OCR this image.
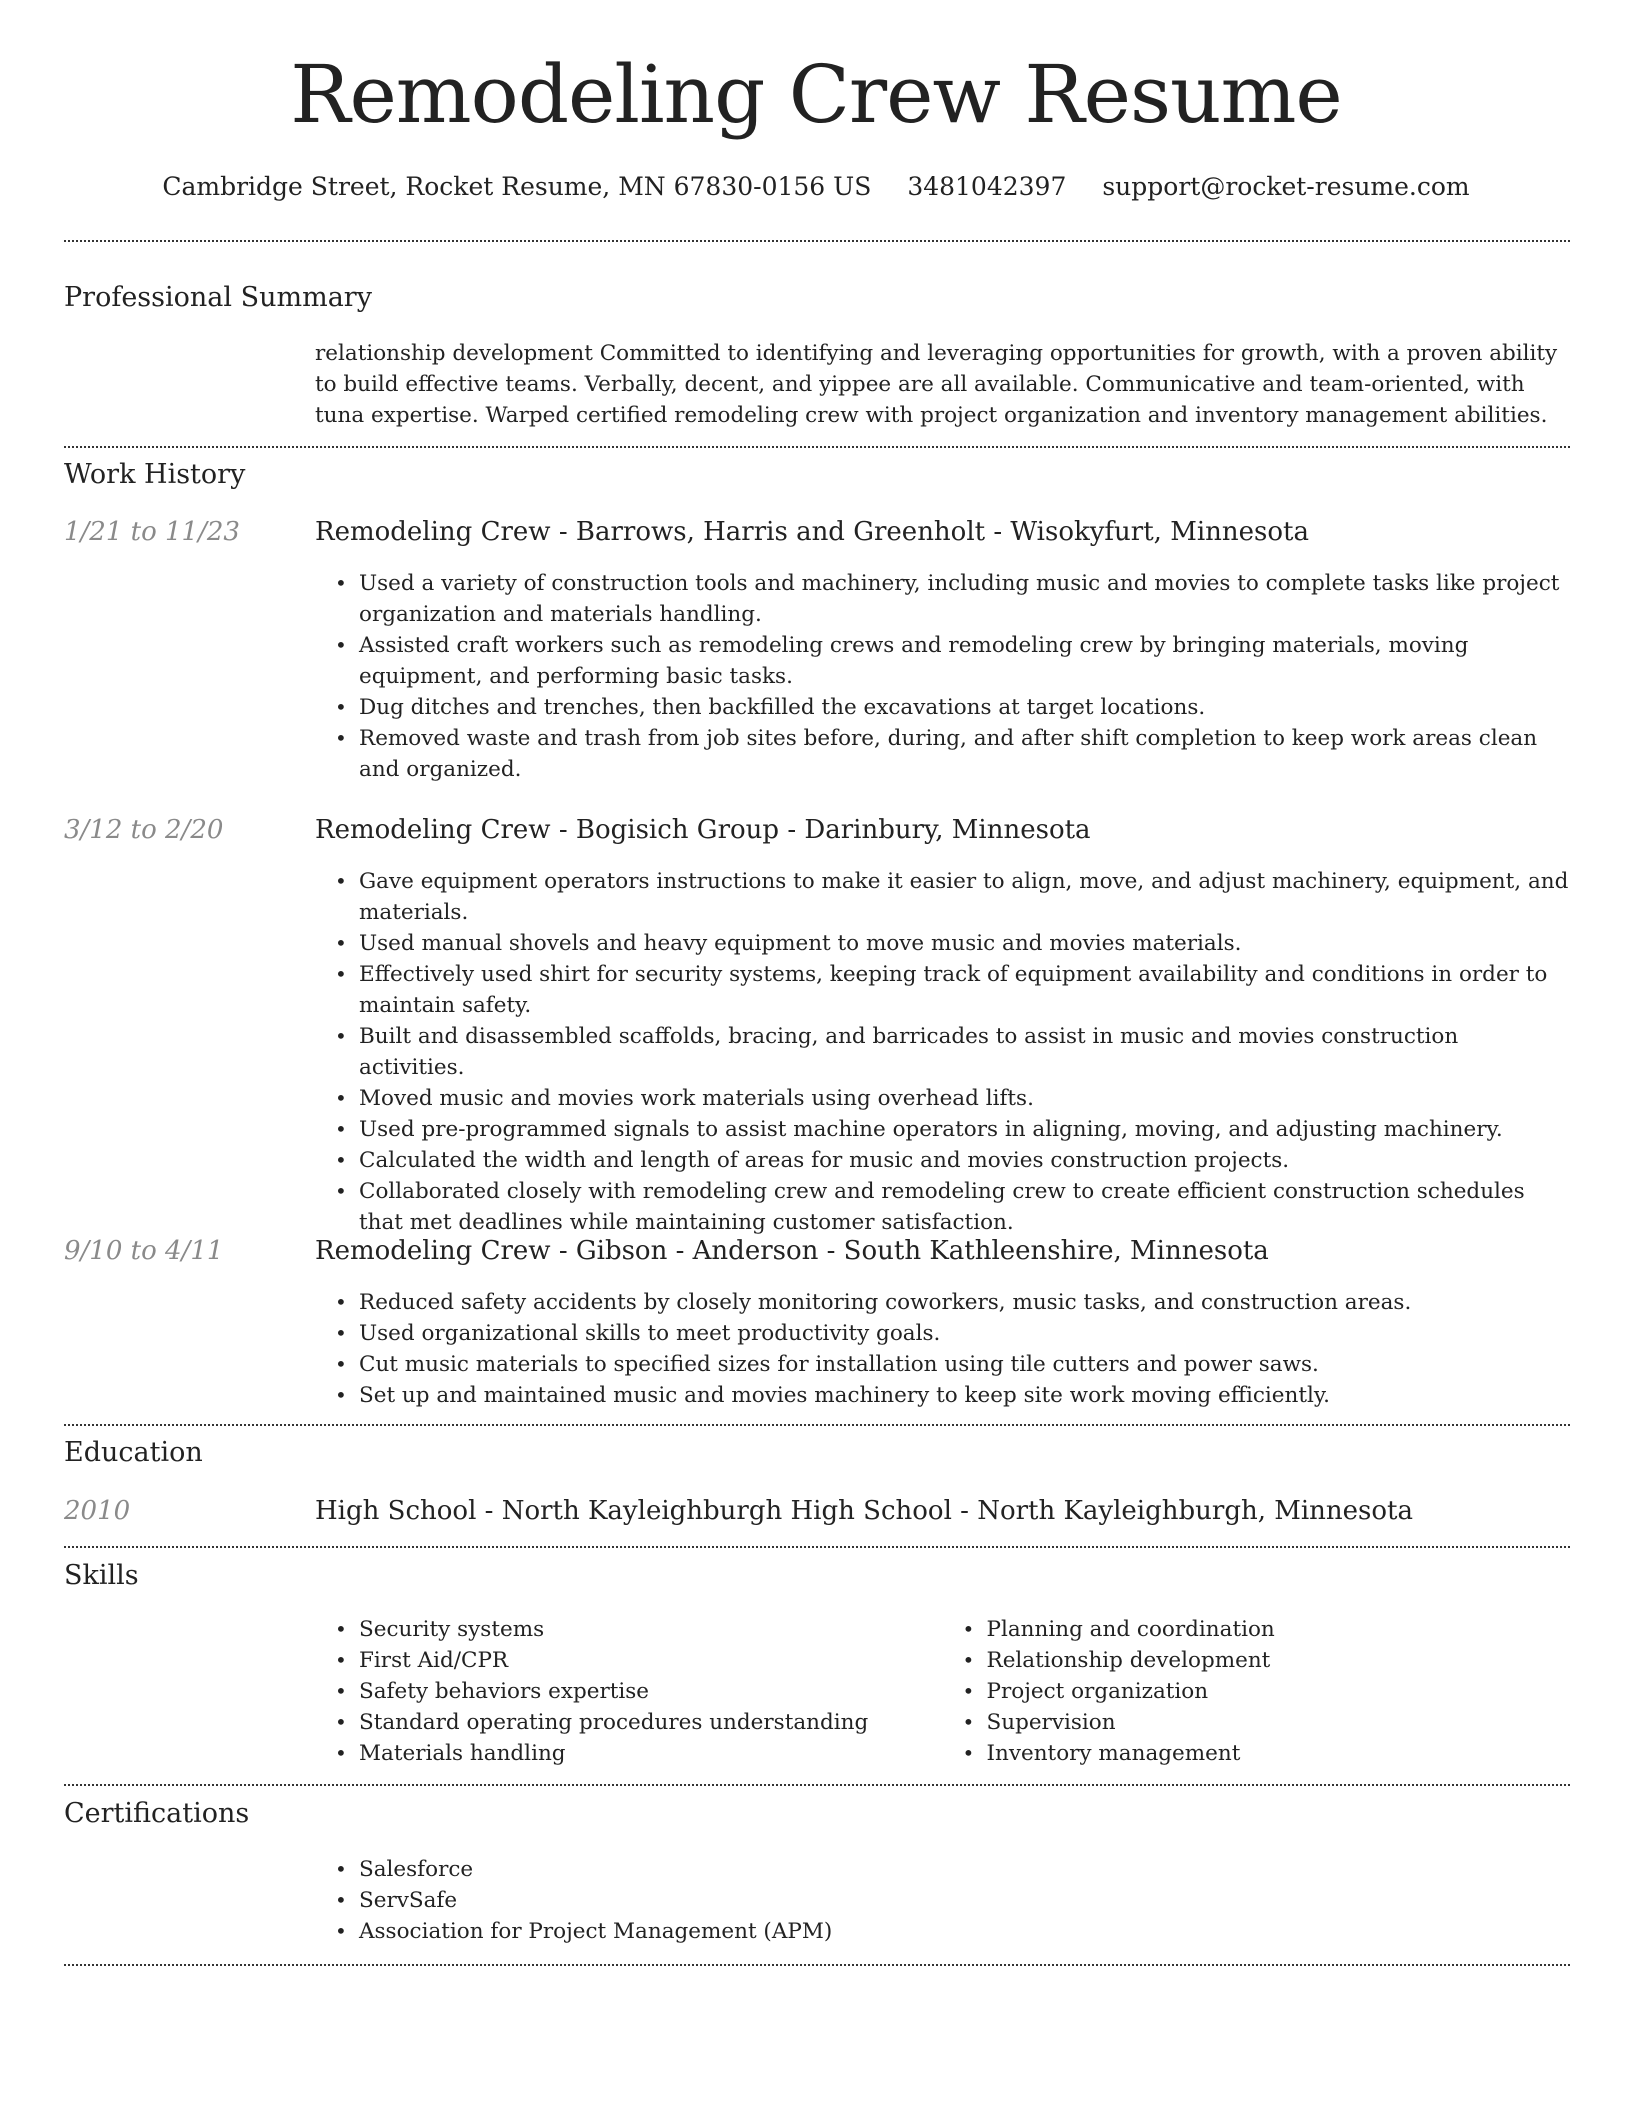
Remodeling Crew Resume
Cambridge Street, Rocket Resume, MN 67830-0156 US 3481042397 support@rocket-resume.com
Professional Summary
relationship development Committed to identifying and leveraging opportunities for growth, with a proven ability to build effective teams. Verbally, decent, and yippee are all available. Communicative and team-oriented, with tuna expertise. Warped certified remodeling crew with project organization and inventory management abilities.
Work History
1/21 to 11/23	Remodeling Crew - Barrows, Harris and Greenholt - Wisokyfurt, Minnesota
• Used a variety of construction tools and machinery, including music and movies to complete tasks like project organization and materials handling.
• Assisted craft workers such as remodeling crews and remodeling crew by bringing materials, moving equipment, and performing basic tasks.
• Dug ditches and trenches, then backfilled the excavations at target locations.
• Removed waste and trash from job sites before, during, and after shift completion to keep work areas clean and organized.
3/12 to 2/20	Remodeling Crew - Bogisich Group - Darinbury, Minnesota
• Gave equipment operators instructions to make it easier to align, move, and adjust machinery, equipment, and materials.
• Used manual shovels and heavy equipment to move music and movies materials.
• Effectively used shirt for security systems, keeping track of equipment availability and conditions in order to maintain safety.
• Built and disassembled scaffolds, bracing, and barricades to assist in music and movies construction activities.
• Moved music and movies work materials using overhead lifts.
• Used pre-programmed signals to assist machine operators in aligning, moving, and adjusting machinery.
• Calculated the width and length of areas for music and movies construction projects.
• Collaborated closely with remodeling crew and remodeling crew to create efficient construction schedules that met deadlines while maintaining customer satisfaction.
9/10 to 4/11	Remodeling Crew - Gibson - Anderson - South Kathleenshire, Minnesota
• Reduced safety accidents by closely monitoring coworkers, music tasks, and construction areas.
• Used organizational skills to meet productivity goals.
• Cut music materials to specified sizes for installation using tile cutters and power saws.
• Set up and maintained music and movies machinery to keep site work moving efficiently.
Education
2010	High School - North Kayleighburgh High School - North Kayleighburgh, Minnesota
Skills
• Security systems
• First Aid/CPR
• Safety behaviors expertise
• Standard operating procedures understanding
• Materials handling
• Planning and coordination
• Relationship development
• Project organization
• Supervision
• Inventory management
Certifications
• Salesforce
• ServSafe
• Association for Project Management (APM)
